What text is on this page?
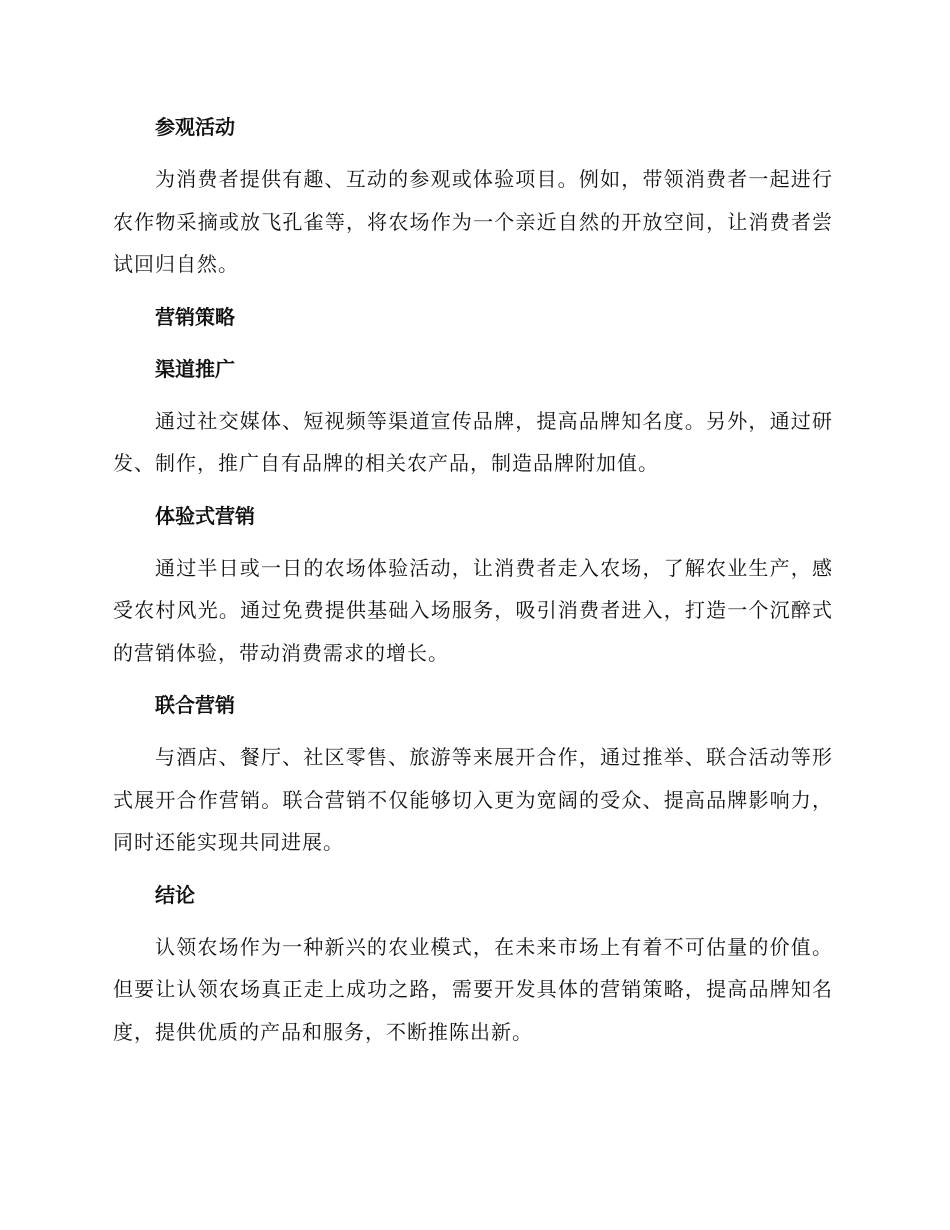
参观活动

为消费者提供有趣、互动的参观或体验项目。例如，带领消费者一起进行农作物采摘或放飞孔雀等，将农场作为一个亲近自然的开放空间，让消费者尝试回归自然。

营销策略
渠道推广

通过社交媒体、短视频等渠道宣传品牌，提高品牌知名度。另外，通过研发、制作，推广自有品牌的相关农产品，制造品牌附加值。

体验式营销

通过半日或一日的农场体验活动，让消费者走入农场，了解农业生产，感受农村风光。通过免费提供基础入场服务，吸引消费者进入，打造一个沉醉式的营销体验，带动消费需求的增长。

联合营销

与酒店、餐厅、社区零售、旅游等来展开合作，通过推举、联合活动等形式展开合作营销。联合营销不仅能够切入更为宽阔的受众、提高品牌影响力，同时还能实现共同进展。

结论

认领农场作为一种新兴的农业模式，在未来市场上有着不可估量的价值。但要让认领农场真正走上成功之路，需要开发具体的营销策略，提高品牌知名度，提供优质的产品和服务，不断推陈出新。
